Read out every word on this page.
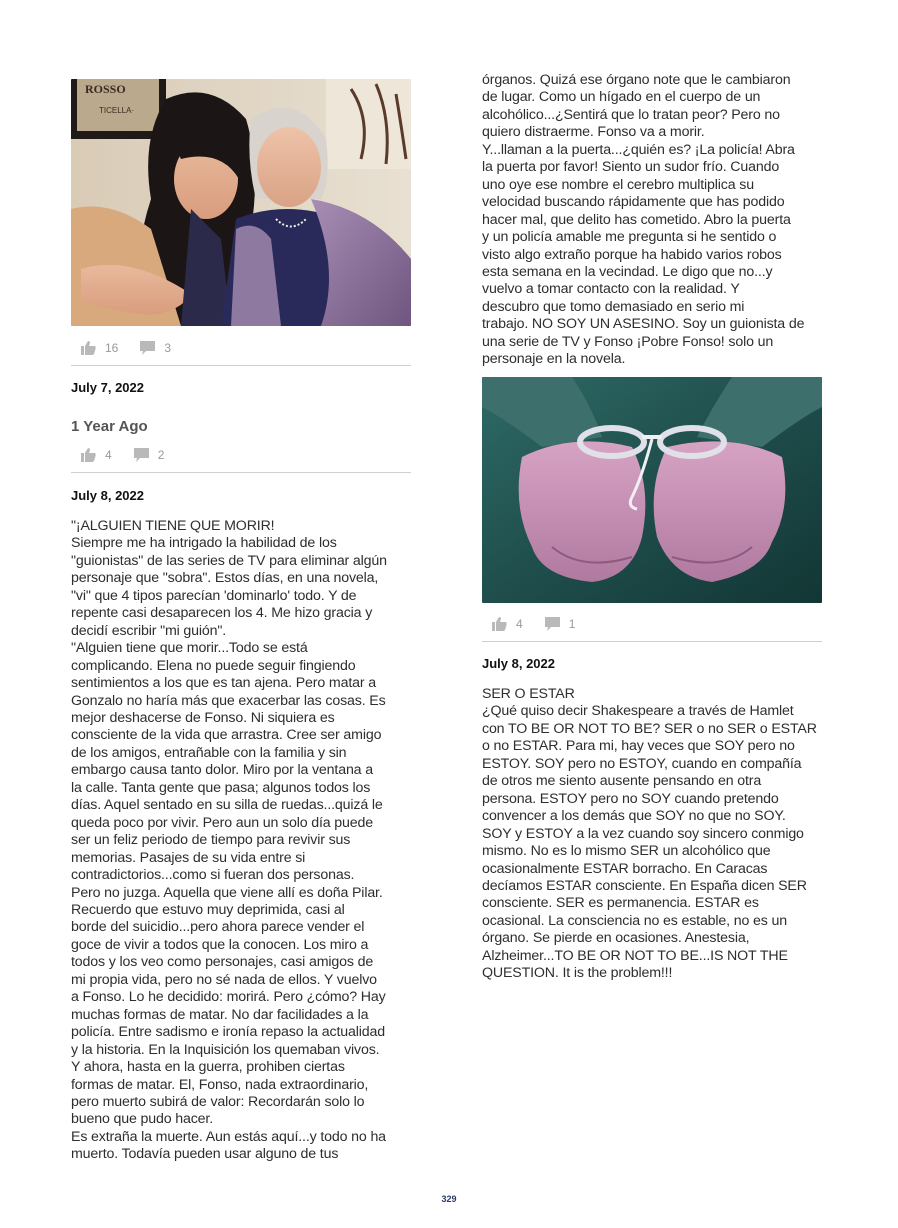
ROSSO
TICELLA·
16	3
July 7, 2022
1 Year Ago
4	2
July 8, 2022

"¡ALGUIEN TIENE QUE MORIR!

Siempre me ha intrigado la habilidad de los

"guionistas" de las series de TV para eliminar algún

personaje que "sobra". Estos días, en una novela,

"vi" que 4 tipos parecían 'dominarlo' todo. Y de

repente casi desaparecen los 4. Me hizo gracia y

decidí escribir "mi guión".

"Alguien tiene que morir...Todo se está

complicando. Elena no puede seguir fingiendo

sentimientos a los que es tan ajena. Pero matar a

Gonzalo no haría más que exacerbar las cosas. Es

mejor deshacerse de Fonso. Ni siquiera es

consciente de la vida que arrastra. Cree ser amigo

de los amigos, entrañable con la familia y sin

embargo causa tanto dolor. Miro por la ventana a

la calle. Tanta gente que pasa; algunos todos los

días. Aquel sentado en su silla de ruedas...quizá le

queda poco por vivir. Pero aun un solo día puede

ser un feliz periodo de tiempo para revivir sus

memorias. Pasajes de su vida entre si

contradictorios...como si fueran dos personas.

Pero no juzga. Aquella que viene allí es doña Pilar.

Recuerdo que estuvo muy deprimida, casi al

borde del suicidio...pero ahora parece vender el

goce de vivir a todos que la conocen. Los miro a

todos y los veo como personajes, casi amigos de

mi propia vida, pero no sé nada de ellos. Y vuelvo

a Fonso. Lo he decidido: morirá. Pero ¿cómo? Hay

muchas formas de matar. No dar facilidades a la

policía. Entre sadismo e ironía repaso la actualidad

y la historia. En la Inquisición los quemaban vivos.

Y ahora, hasta en la guerra, prohiben ciertas

formas de matar. El, Fonso, nada extraordinario,

pero muerto subirá de valor: Recordarán solo lo

bueno que pudo hacer.

Es extraña la muerte. Aun estás aquí...y todo no ha

muerto. Todavía pueden usar alguno de tus

órganos. Quizá ese órgano note que le cambiaron

de lugar. Como un hígado en el cuerpo de un

alcohólico...¿Sentirá que lo tratan peor? Pero no

quiero distraerme. Fonso va a morir.

Y...llaman a la puerta...¿quién es? ¡La policía! Abra

la puerta por favor! Siento un sudor frío. Cuando

uno oye ese nombre el cerebro multiplica su

velocidad buscando rápidamente que has podido

hacer mal, que delito has cometido. Abro la puerta

y un policía amable me pregunta si he sentido o

visto algo extraño porque ha habido varios robos

esta semana en la vecindad. Le digo que no...y

vuelvo a tomar contacto con la realidad. Y

descubro que tomo demasiado en serio mi

trabajo. NO SOY UN ASESINO. Soy un guionista de

una serie de TV y Fonso ¡Pobre Fonso! solo un

personaje en la novela.

4	1
July 8, 2022

SER O ESTAR

¿Qué quiso decir Shakespeare a través de Hamlet

con TO BE OR NOT TO BE? SER o no SER o ESTAR

o no ESTAR. Para mi, hay veces que SOY pero no

ESTOY. SOY pero no ESTOY, cuando en compañía

de otros me siento ausente pensando en otra

persona. ESTOY pero no SOY cuando pretendo

convencer a los demás que SOY no que no SOY.

SOY y ESTOY a la vez cuando soy sincero conmigo

mismo. No es lo mismo SER un alcohólico que

ocasionalmente ESTAR borracho. En Caracas

decíamos ESTAR consciente. En España dicen SER

consciente. SER es permanencia. ESTAR es

ocasional. La consciencia no es estable, no es un

órgano. Se pierde en ocasiones. Anestesia,

Alzheimer...TO BE OR NOT TO BE...IS NOT THE

QUESTION. It is the problem!!!

329
